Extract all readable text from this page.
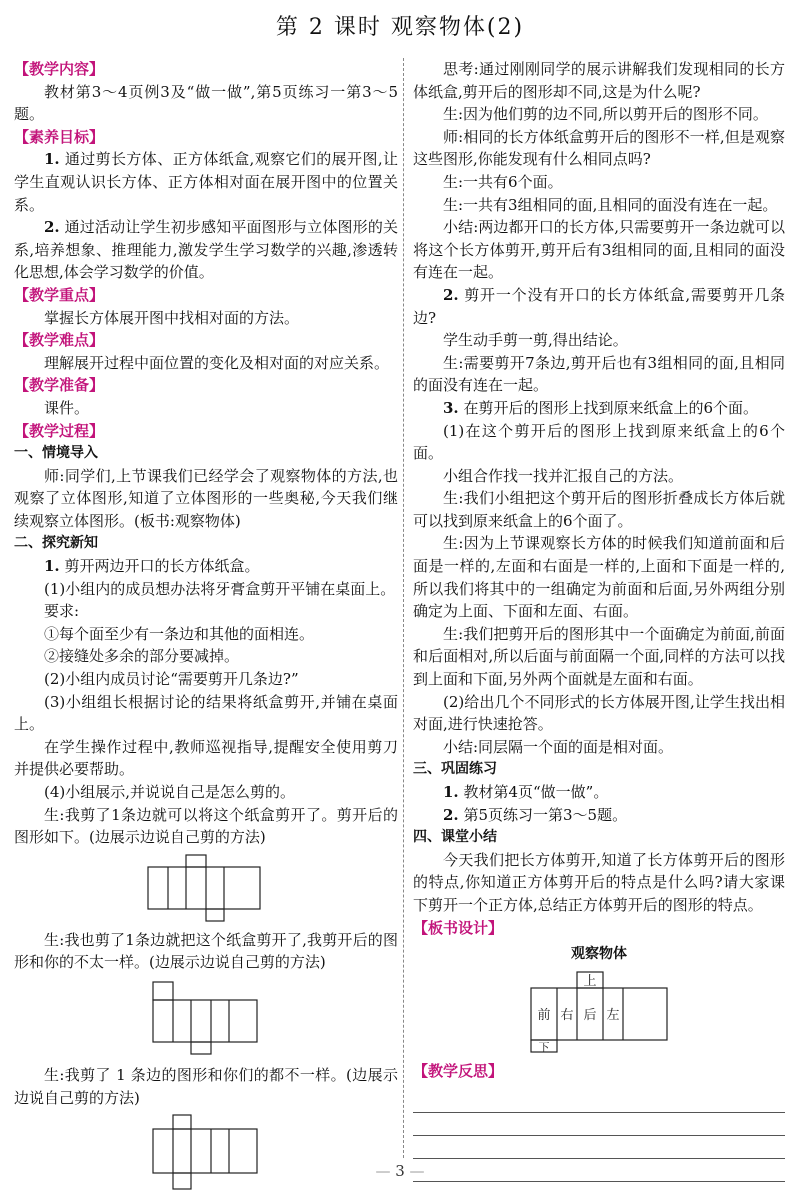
第 2 课时 观察物体(2)

【教学内容】

教材第3～4页例3及“做一做”,第5页练习一第3～5题。

【素养目标】

1. 通过剪长方体、正方体纸盒,观察它们的展开图,让学生直观认识长方体、正方体相对面在展开图中的位置关系。

2. 通过活动让学生初步感知平面图形与立体图形的关系,培养想象、推理能力,激发学生学习数学的兴趣,渗透转化思想,体会学习数学的价值。

【教学重点】

掌握长方体展开图中找相对面的方法。

【教学难点】

理解展开过程中面位置的变化及相对面的对应关系。

【教学准备】

课件。

【教学过程】

一、情境导入

师:同学们,上节课我们已经学会了观察物体的方法,也观察了立体图形,知道了立体图形的一些奥秘,今天我们继续观察立体图形。(板书:观察物体)

二、探究新知

1. 剪开两边开口的长方体纸盒。

(1)小组内的成员想办法将牙膏盒剪开平铺在桌面上。

要求:

①每个面至少有一条边和其他的面相连。

②接缝处多余的部分要减掉。

(2)小组内成员讨论“需要剪开几条边?”

(3)小组组长根据讨论的结果将纸盒剪开,并铺在桌面上。

在学生操作过程中,教师巡视指导,提醒安全使用剪刀并提供必要帮助。

(4)小组展示,并说说自己是怎么剪的。

生:我剪了1条边就可以将这个纸盒剪开了。剪开后的图形如下。(边展示边说自己剪的方法)

生:我也剪了1条边就把这个纸盒剪开了,我剪开后的图形和你的不太一样。(边展示边说自己剪的方法)

生:我剪了 1 条边的图形和你们的都不一样。(边展示边说自己剪的方法)

思考:通过刚刚同学的展示讲解我们发现相同的长方体纸盒,剪开后的图形却不同,这是为什么呢?

生:因为他们剪的边不同,所以剪开后的图形不同。

师:相同的长方体纸盒剪开后的图形不一样,但是观察这些图形,你能发现有什么相同点吗?

生:一共有6个面。

生:一共有3组相同的面,且相同的面没有连在一起。

小结:两边都开口的长方体,只需要剪开一条边就可以将这个长方体剪开,剪开后有3组相同的面,且相同的面没有连在一起。

2. 剪开一个没有开口的长方体纸盒,需要剪开几条边?

学生动手剪一剪,得出结论。

生:需要剪开7条边,剪开后也有3组相同的面,且相同的面没有连在一起。

3. 在剪开后的图形上找到原来纸盒上的6个面。

(1)在这个剪开后的图形上找到原来纸盒上的6个面。

小组合作找一找并汇报自己的方法。

生:我们小组把这个剪开后的图形折叠成长方体后就可以找到原来纸盒上的6个面了。

生:因为上节课观察长方体的时候我们知道前面和后面是一样的,左面和右面是一样的,上面和下面是一样的,所以我们将其中的一组确定为前面和后面,另外两组分别确定为上面、下面和左面、右面。

生:我们把剪开后的图形其中一个面确定为前面,前面和后面相对,所以后面与前面隔一个面,同样的方法可以找到上面和下面,另外两个面就是左面和右面。

(2)给出几个不同形式的长方体展开图,让学生找出相对面,进行快速抢答。

小结:同层隔一个面的面是相对面。

三、巩固练习

1. 教材第4页“做一做”。

2. 第5页练习一第3～5题。

四、课堂小结

今天我们把长方体剪开,知道了长方体剪开后的图形的特点,你知道正方体剪开后的特点是什么吗?请大家课下剪开一个正方体,总结正方体剪开后的图形的特点。

【板书设计】

观察物体
上
前 右 后 左
下

【教学反思】

— 3 —
